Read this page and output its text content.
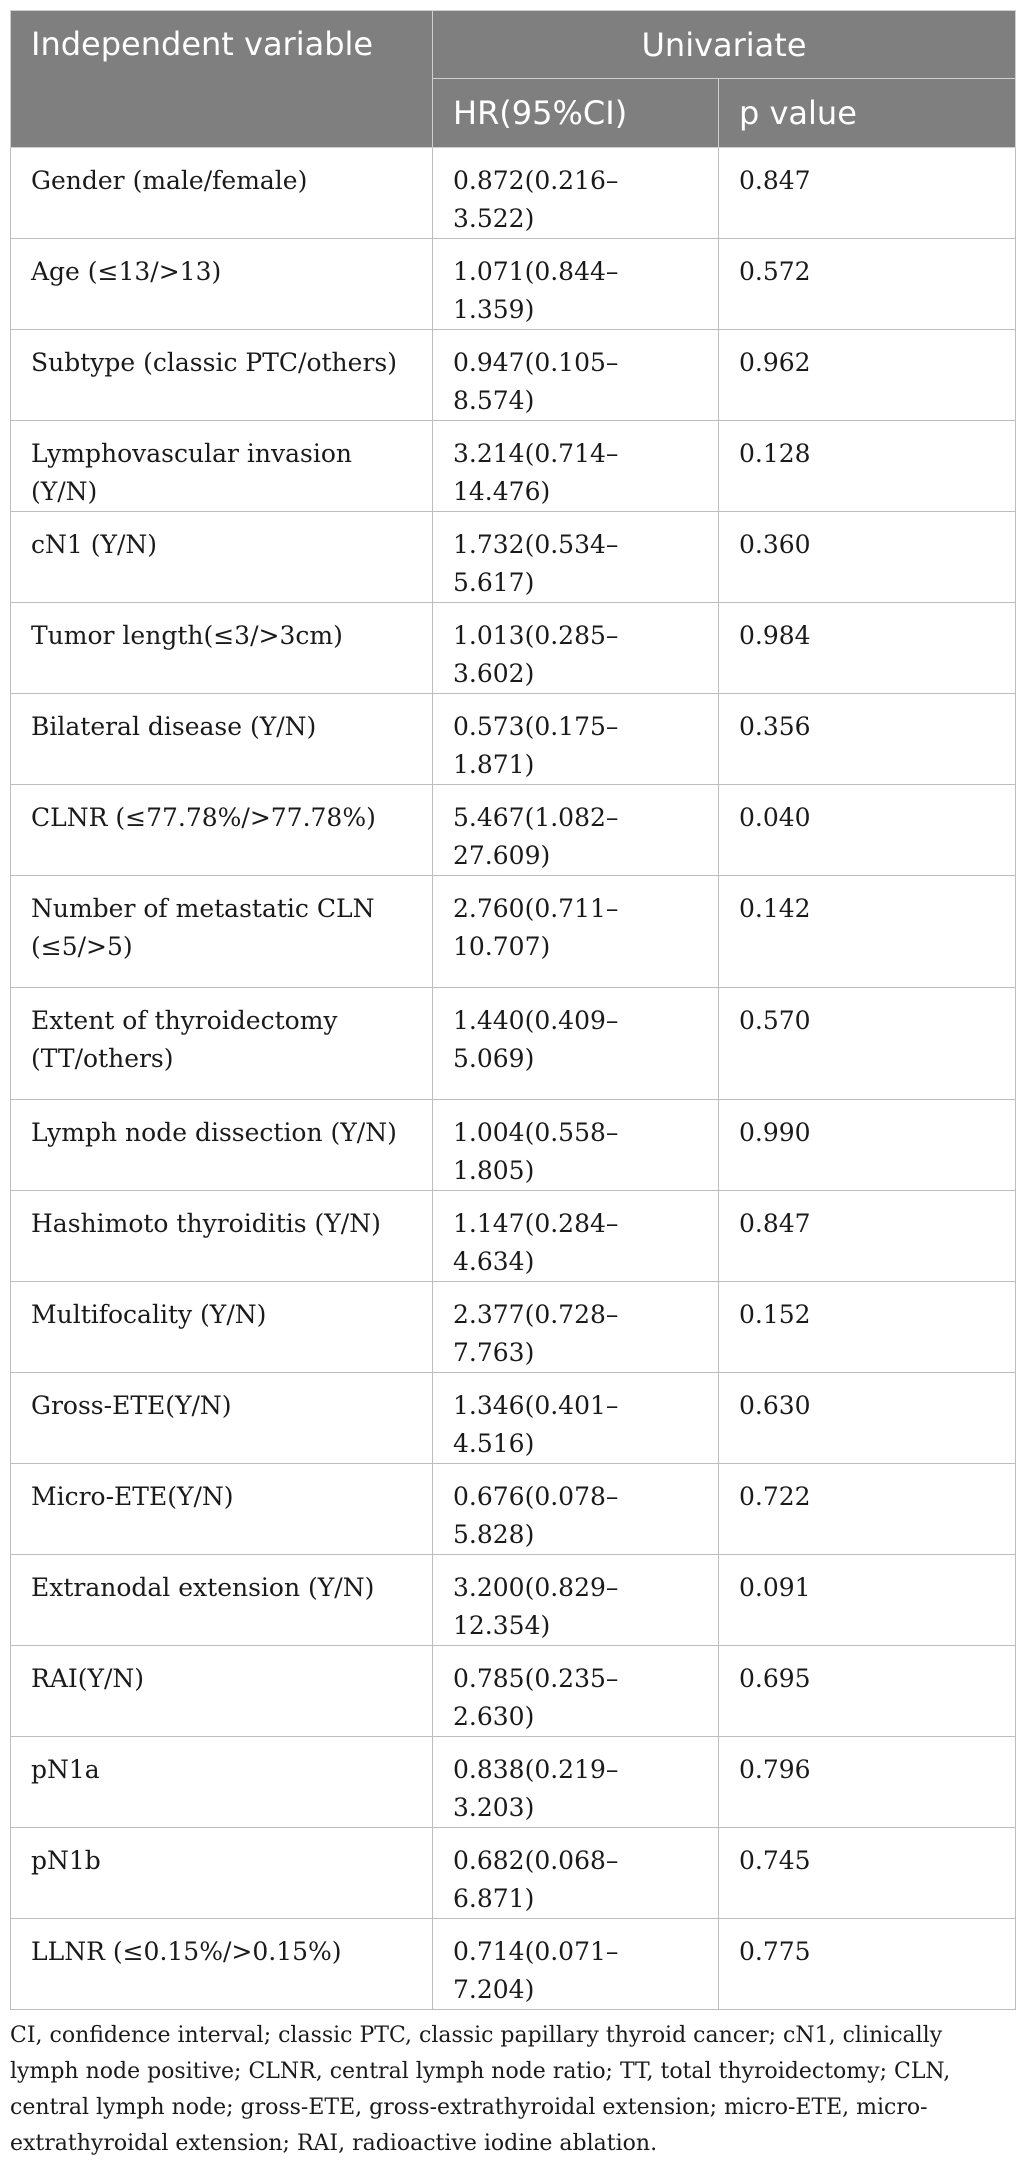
Independent variable	Univariate	
	HR(95%CI)	p value
Gender (male/female)	0.872(0.216–3.522)	0.847
Age (≤13/>13)	1.071(0.844–1.359)	0.572
Subtype (classic PTC/others)	0.947(0.105–8.574)	0.962
Lymphovascular invasion (Y/N)	3.214(0.714–14.476)	0.128
cN1 (Y/N)	1.732(0.534–5.617)	0.360
Tumor length(≤3/>3cm)	1.013(0.285–3.602)	0.984
Bilateral disease (Y/N)	0.573(0.175–1.871)	0.356
CLNR (≤77.78%/>77.78%)	5.467(1.082–27.609)	0.040
Number of metastatic CLN (≤5/>5)	2.760(0.711–10.707)	0.142
Extent of thyroidectomy (TT/others)	1.440(0.409–5.069)	0.570
Lymph node dissection (Y/N)	1.004(0.558–1.805)	0.990
Hashimoto thyroiditis (Y/N)	1.147(0.284–4.634)	0.847
Multifocality (Y/N)	2.377(0.728–7.763)	0.152
Gross-ETE(Y/N)	1.346(0.401–4.516)	0.630
Micro-ETE(Y/N)	0.676(0.078–5.828)	0.722
Extranodal extension (Y/N)	3.200(0.829–12.354)	0.091
RAI(Y/N)	0.785(0.235–2.630)	0.695
pN1a	0.838(0.219–3.203)	0.796
pN1b	0.682(0.068–6.871)	0.745
LLNR (≤0.15%/>0.15%)	0.714(0.071–7.204)	0.775
CI, confidence interval; classic PTC, classic papillary thyroid cancer; cN1, clinically lymph node positive; CLNR, central lymph node ratio; TT, total thyroidectomy; CLN, central lymph node; gross-ETE, gross-extrathyroidal extension; micro-ETE, micro-extrathyroidal extension; RAI, radioactive iodine ablation.
